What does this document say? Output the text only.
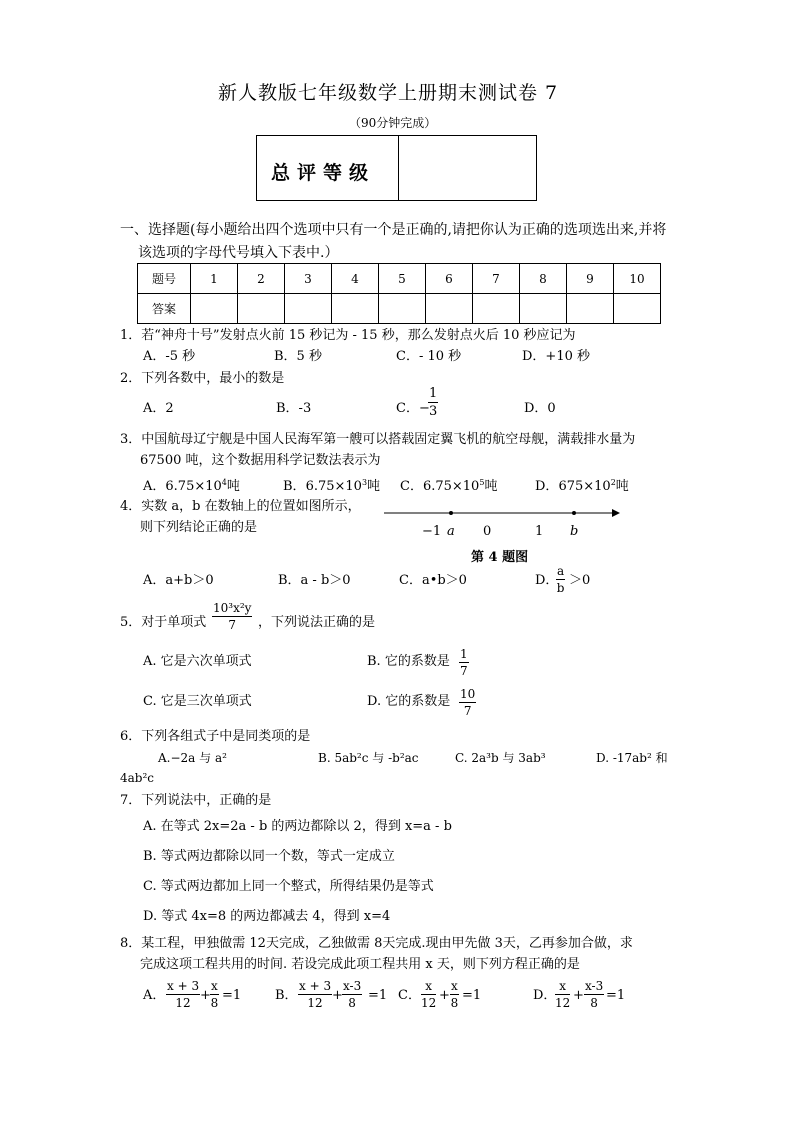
新人教版七年级数学上册期末测试卷 7
（90分钟完成）
总评等级
一、选择题(每小题给出四个选项中只有一个是正确的,请把你认为正确的选项选出来,并将
该选项的字母代号填入下表中.）
题号	1	2	3	4	5	6	7	8	9	10
答案										
1．若“神舟十号”发射点火前 15 秒记为 - 15 秒，那么发射点火后 10 秒应记为
A．-5 秒	B．5 秒	C．- 10 秒	D．+10 秒
2．下列各数中，最小的数是
A．2	B．-3	C．−
1
3	D．0
3．中国航母辽宁舰是中国人民海军第一艘可以搭载固定翼飞机的航空母舰，满载排水量为
67500 吨，这个数据用科学记数法表示为
A．$6.75\times 10^4$吨	B．$6.75\times 10^3$吨 C．$6.75\times 10^5$吨	D．$675\times 10^2$吨
4．实数 a，b 在数轴上的位置如图所示，
则下列结论正确的是	−1 a 0	1 b
第 4 题图
A．a+b＞0	B．a - b＞0	C．a•b＞0	D．
a
b ＞0
5．对于单项式
10³x²y
7	，下列说法正确的是
A. 它是六次单项式	B. 它的系数是 1
7
C. 它是三次单项式	D. 它的系数是 10
7
6．下列各组式子中是同类项的是
A.−2a 与 a²	B. 5ab²c 与 -b²ac	C. 2a³b 与 3ab³	D. -17ab² 和
4ab²c
7．下列说法中，正确的是
A. 在等式 2x=2a - b 的两边都除以 2，得到 x=a - b
B. 等式两边都除以同一个数，等式一定成立
C. 等式两边都加上同一个整式，所得结果仍是等式
D. 等式 4x=8 的两边都减去 4，得到 x=4
8．某工程，甲独做需 12天完成，乙独做需 8天完成.现由甲先做 3天，乙再参加合做，求
完成这项工程共用的时间. 若设完成此项工程共用 x 天，则下列方程正确的是
A．
x + 3
12 +
x
8 =1	B．
x + 3
12 +
x-3
8 =1 C．
x
12 +
x
8 =1	D．
x
12 +
x-3
8 =1
